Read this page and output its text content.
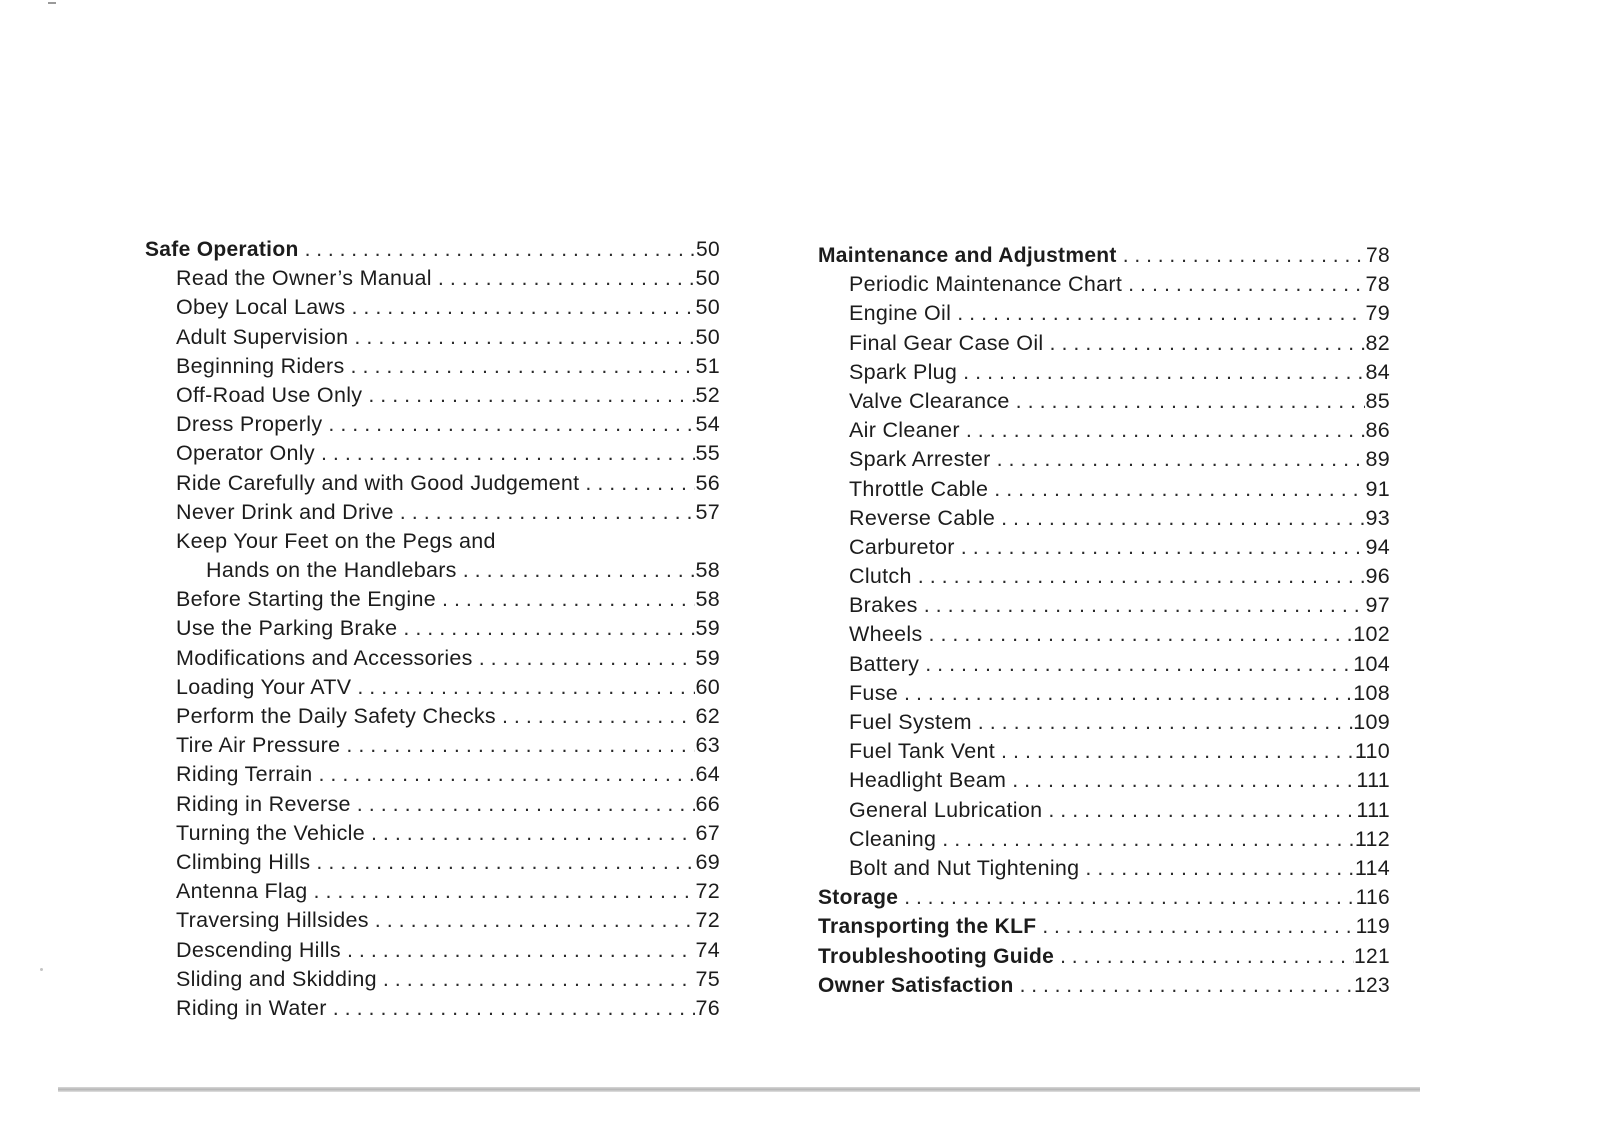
Safe Operation . . .	50
Read the Owner’s Manual . . .	50
Obey Local Laws . . .	50
Adult Supervision . . .	50
Beginning Riders . . .	51
Off-Road Use Only . . .	52
Dress Properly . . .	54
Operator Only . . .	55
Ride Carefully and with Good Judgement . . .	56
Never Drink and Drive . . .	57
Keep Your Feet on the Pegs and
Hands on the Handlebars . . .	58
Before Starting the Engine . . .	58
Use the Parking Brake . . .	59
Modifications and Accessories . . .	59
Loading Your ATV . . .	60
Perform the Daily Safety Checks . . .	62
Tire Air Pressure . . .	63
Riding Terrain . . .	64
Riding in Reverse . . .	66
Turning the Vehicle . . .	67
Climbing Hills . . .	69
Antenna Flag . . .	72
Traversing Hillsides . . .	72
Descending Hills . . .	74
Sliding and Skidding . . .	75
Riding in Water . . .	76
Maintenance and Adjustment . . .	78
Periodic Maintenance Chart . . .	78
Engine Oil . . .	79
Final Gear Case Oil . . .	82
Spark Plug . . .	84
Valve Clearance . . .	85
Air Cleaner . . .	86
Spark Arrester . . .	89
Throttle Cable . . .	91
Reverse Cable . . .	93
Carburetor . . .	94
Clutch . . .	96
Brakes . . .	97
Wheels . . .	102
Battery . . .	104
Fuse . . .	108
Fuel System . . .	109
Fuel Tank Vent . . .	110
Headlight Beam . . .	111
General Lubrication . . .	111
Cleaning . . .	112
Bolt and Nut Tightening . . .	114
Storage . . .	116
Transporting the KLF . . .	119
Troubleshooting Guide . . .	121
Owner Satisfaction . . .	123
